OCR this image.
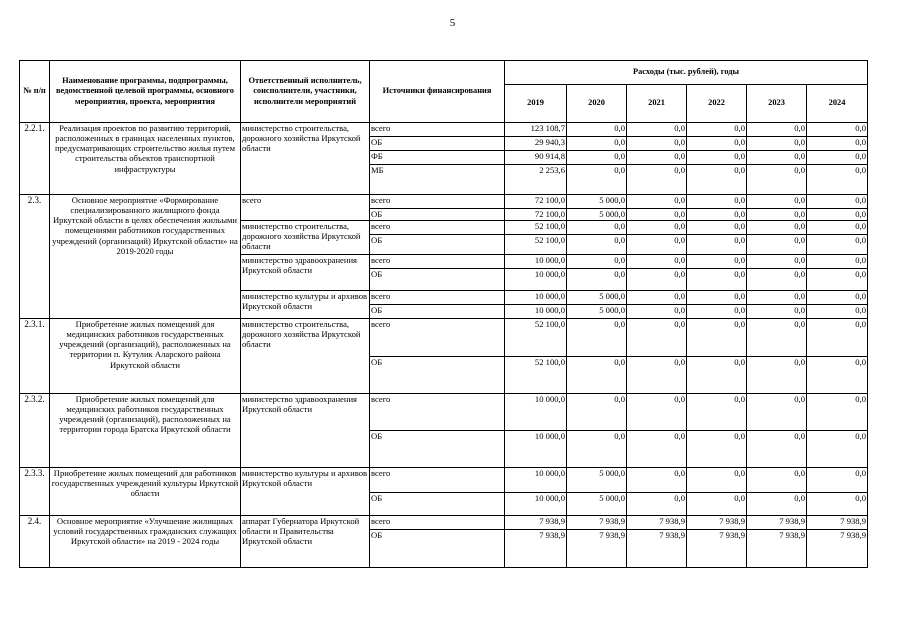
5
№ п/п	Наименование программы, подпрограммы, ведомственной целевой программы, основного мероприятия, проекта, мероприятия	Ответственный исполнитель, соисполнители, участники, исполнители мероприятий	Источники финансирования	Расходы (тыс. рублей), годы					
				2019	2020	2021	2022	2023	2024
2.2.1.	Реализация проектов по развитию территорий, расположенных в границах населенных пунктов, предусматривающих строительство жилья путем строительства объектов транспортной инфраструктуры	министерство строительства, дорожного хозяйства Иркутской области	всего	123 108,7	0,0	0,0	0,0	0,0	0,0
			ОБ	29 940,3	0,0	0,0	0,0	0,0	0,0
			ФБ	90 914,8	0,0	0,0	0,0	0,0	0,0
			МБ	2 253,6	0,0	0,0	0,0	0,0	0,0
2.3.	Основное мероприятие «Формирование специализированного жилищного фонда Иркутской области в целях обеспечения жильыми помещениями работников государственных учреждений (организаций) Иркутской области» на 2019-2020 годы	всего	всего	72 100,0	5 000,0	0,0	0,0	0,0	0,0
			ОБ	72 100,0	5 000,0	0,0	0,0	0,0	0,0
		министерство строительства, дорожного хозяйства Иркутской области	всего	52 100,0	0,0	0,0	0,0	0,0	0,0
			ОБ	52 100,0	0,0	0,0	0,0	0,0	0,0
		министерство здравоохранения Иркутской области	всего	10 000,0	0,0	0,0	0,0	0,0	0,0
			ОБ	10 000,0	0,0	0,0	0,0	0,0	0,0
		министерство культуры и архивов Иркутской области	всего	10 000,0	5 000,0	0,0	0,0	0,0	0,0
			ОБ	10 000,0	5 000,0	0,0	0,0	0,0	0,0
2.3.1.	Приобретение жилых помещений для медицинских работников государственных учреждений (организаций), расположенных на территории п. Кутулик Аларского района Иркутской области	министерство строительства, дорожного хозяйства Иркутской области	всего	52 100,0	0,0	0,0	0,0	0,0	0,0
			ОБ	52 100,0	0,0	0,0	0,0	0,0	0,0
2.3.2.	Приобретение жилых помещений для медицинских работников государственных учреждений (организаций), расположенных на территории города Братска Иркутской области	министерство здравоохранения Иркутской области	всего	10 000,0	0,0	0,0	0,0	0,0	0,0
			ОБ	10 000,0	0,0	0,0	0,0	0,0	0,0
2.3.3.	Приобретение жилых помещений для работников государственных учреждений культуры Иркутской области	министерство культуры и архивов Иркутской области	всего	10 000,0	5 000,0	0,0	0,0	0,0	0,0
			ОБ	10 000,0	5 000,0	0,0	0,0	0,0	0,0
2.4.	Основное мероприятие «Улучшение жилищных условий государственных гражданских служащих Иркутской области» на 2019 - 2024 годы	аппарат Губернатора Иркутской области и Правительства Иркутской области	всего	7 938,9	7 938,9	7 938,9	7 938,9	7 938,9	7 938,9
			ОБ	7 938,9	7 938,9	7 938,9	7 938,9	7 938,9	7 938,9
